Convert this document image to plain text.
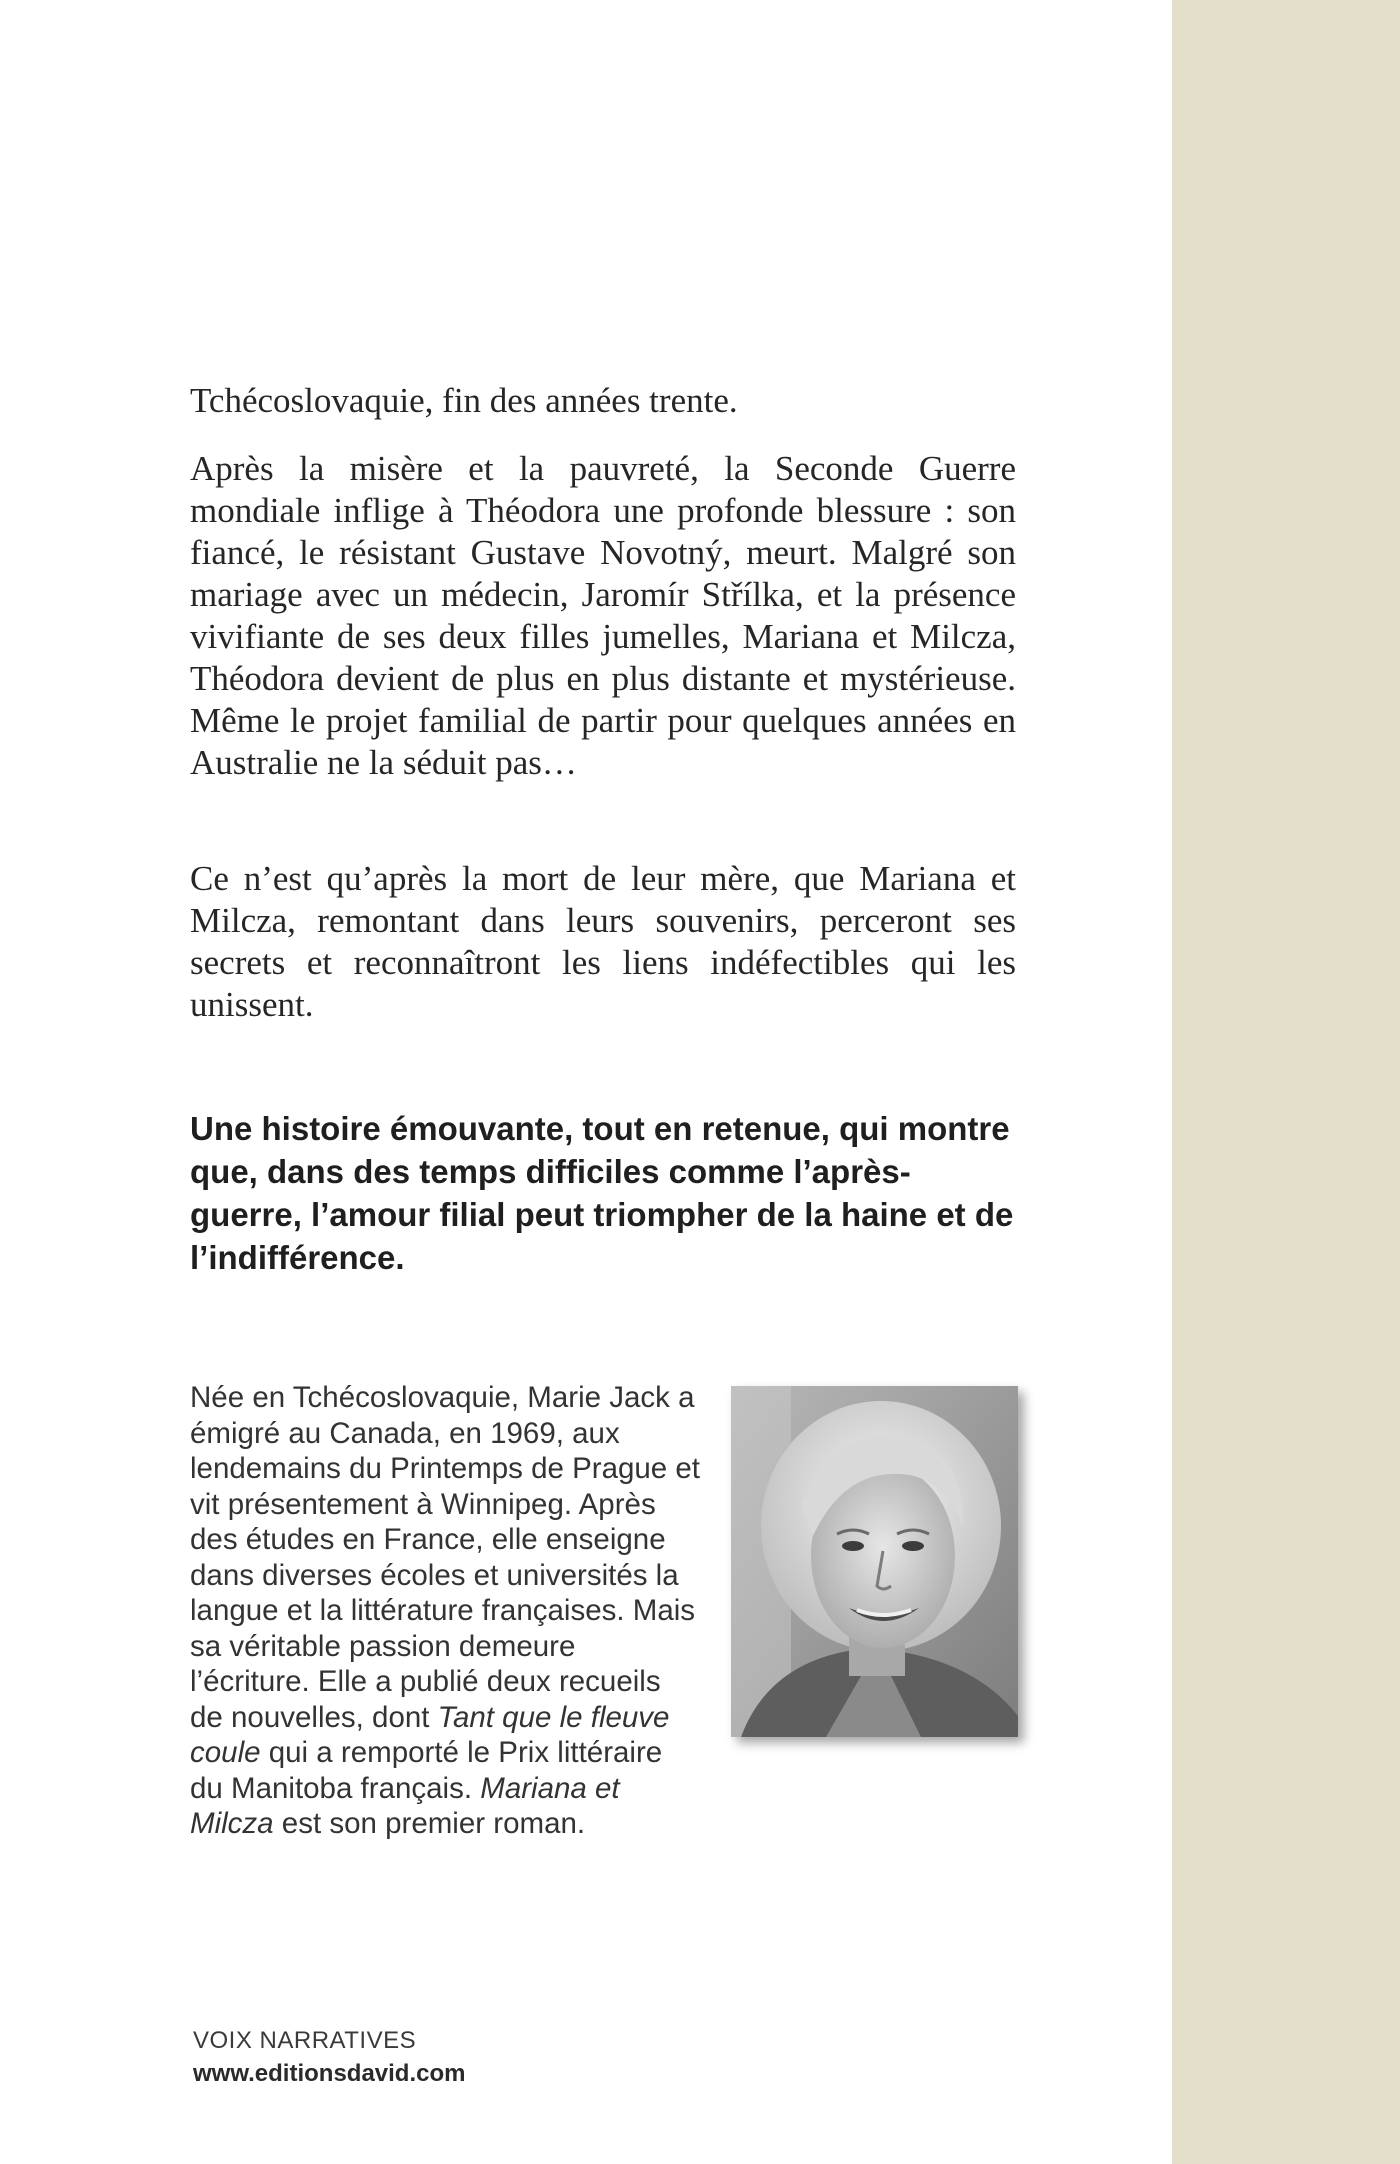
Tchécoslovaquie, fin des années trente.

Après la misère et la pauvreté, la Seconde Guerre mondiale inflige à Théodora une profonde blessure : son fiancé, le résistant Gustave Novotný, meurt. Malgré son mariage avec un médecin, Jaromír Střílka, et la présence vivifiante de ses deux filles jumelles, Mariana et Milcza, Théodora devient de plus en plus distante et mystérieuse. Même le projet familial de partir pour quelques années en Australie ne la séduit pas…

Ce n’est qu’après la mort de leur mère, que Mariana et Milcza, remontant dans leurs souvenirs, perceront ses secrets et reconnaîtront les liens indéfectibles qui les unissent.

Une histoire émouvante, tout en retenue, qui montre que, dans des temps difficiles comme l’après-guerre, l’amour filial peut triompher de la haine et de l’indifférence.
Née en Tchécoslovaquie, Marie Jack a émigré au Canada, en 1969, aux lendemains du Printemps de Prague et vit présentement à Winnipeg. Après des études en France, elle enseigne dans diverses écoles et universités la langue et la littérature françaises. Mais sa véritable passion demeure l’écriture. Elle a publié deux recueils de nouvelles, dont Tant que le fleuve coule qui a remporté le Prix littéraire du Manitoba français. Mariana et Milcza est son premier roman.
VOIX NARRATIVES
www.editionsdavid.com
